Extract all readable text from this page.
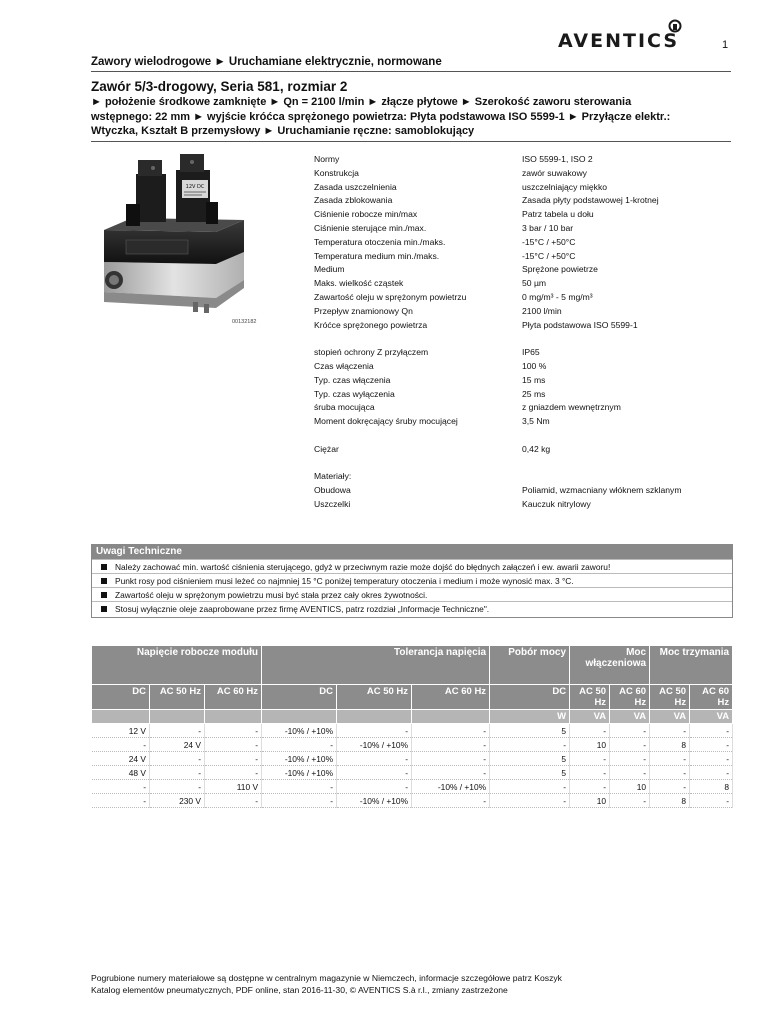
AVENTICS	1
Zawory wielodrogowe ► Uruchamiane elektrycznie, normowane
Zawór 5/3-drogowy, Seria 581, rozmiar 2
► położenie środkowe zamknięte ► Qn = 2100 l/min ► złącze płytowe ► Szerokość zaworu sterowania
wstępnego: 22 mm ► wyjście króćca sprężonego powietrza: Płyta podstawowa ISO 5599-1 ► Przyłącze elektr.:
Wtyczka, Kształt B przemysłowy ► Uruchamianie ręczne: samoblokujący
12V DC
00132182
Normy	ISO 5599-1, ISO 2
Konstrukcja	zawór suwakowy
Zasada uszczelnienia	uszczelniający miękko
Zasada zblokowania	Zasada płyty podstawowej 1-krotnej
Ciśnienie robocze min/max	Patrz tabela u dołu
Ciśnienie sterujące min./max.	3 bar / 10 bar
Temperatura otoczenia min./maks.	-15°C / +50°C
Temperatura medium min./maks.	-15°C / +50°C
Medium	Sprężone powietrze
Maks. wielkość cząstek	50 µm
Zawartość oleju w sprężonym powietrzu	0 mg/m³ - 5 mg/m³
Przepływ znamionowy Qn	2100 l/min
Króćce sprężonego powietrza	Płyta podstawowa ISO 5599-1
stopień ochrony Z przyłączem	IP65
Czas włączenia	100 %
Typ. czas włączenia	15 ms
Typ. czas wyłączenia	25 ms
śruba mocująca	z gniazdem wewnętrznym
Moment dokręcający śruby mocującej	3,5 Nm
Ciężar	0,42 kg
Materiały:
Obudowa	Poliamid, wzmacniany włóknem szklanym
Uszczelki	Kauczuk nitrylowy
Uwagi Techniczne
Należy zachować min. wartość ciśnienia sterującego, gdyż w przeciwnym razie może dojść do błędnych załączeń i ew. awarii zaworu!
Punkt rosy pod ciśnieniem musi leżeć co najmniej 15 °C poniżej temperatury otoczenia i medium i może wynosić max. 3 °C.
Zawartość oleju w sprężonym powietrzu musi być stała przez cały okres żywotności.
Stosuj wyłącznie oleje zaaprobowane przez firmę AVENTICS, patrz rozdział „Informacje Techniczne".
Napięcie robocze modułu			Tolerancja napięcia			Pobór mocy	Moc włączeniowa		Moc trzymania	
DC	AC 50 Hz	AC 60 Hz	DC	AC 50 Hz	AC 60 Hz	DC	AC 50 Hz	AC 60 Hz	AC 50 Hz	AC 60 Hz
						W	VA	VA	VA	VA
12 V	-	-	-10% / +10%	-	-	5	-	-	-	-
-	24 V	-	-	-10% / +10%	-	-	10	-	8	-
24 V	-	-	-10% / +10%	-	-	5	-	-	-	-
48 V	-	-	-10% / +10%	-	-	5	-	-	-	-
-	-	110 V	-	-	-10% / +10%	-	-	10	-	8
-	230 V	-	-	-10% / +10%	-	-	10	-	8	-
Pogrubione numery materiałowe są dostępne w centralnym magazynie w Niemczech, informacje szczegółowe patrz Koszyk
Katalog elementów pneumatycznych, PDF online, stan 2016-11-30, © AVENTICS S.à r.l., zmiany zastrzeżone
